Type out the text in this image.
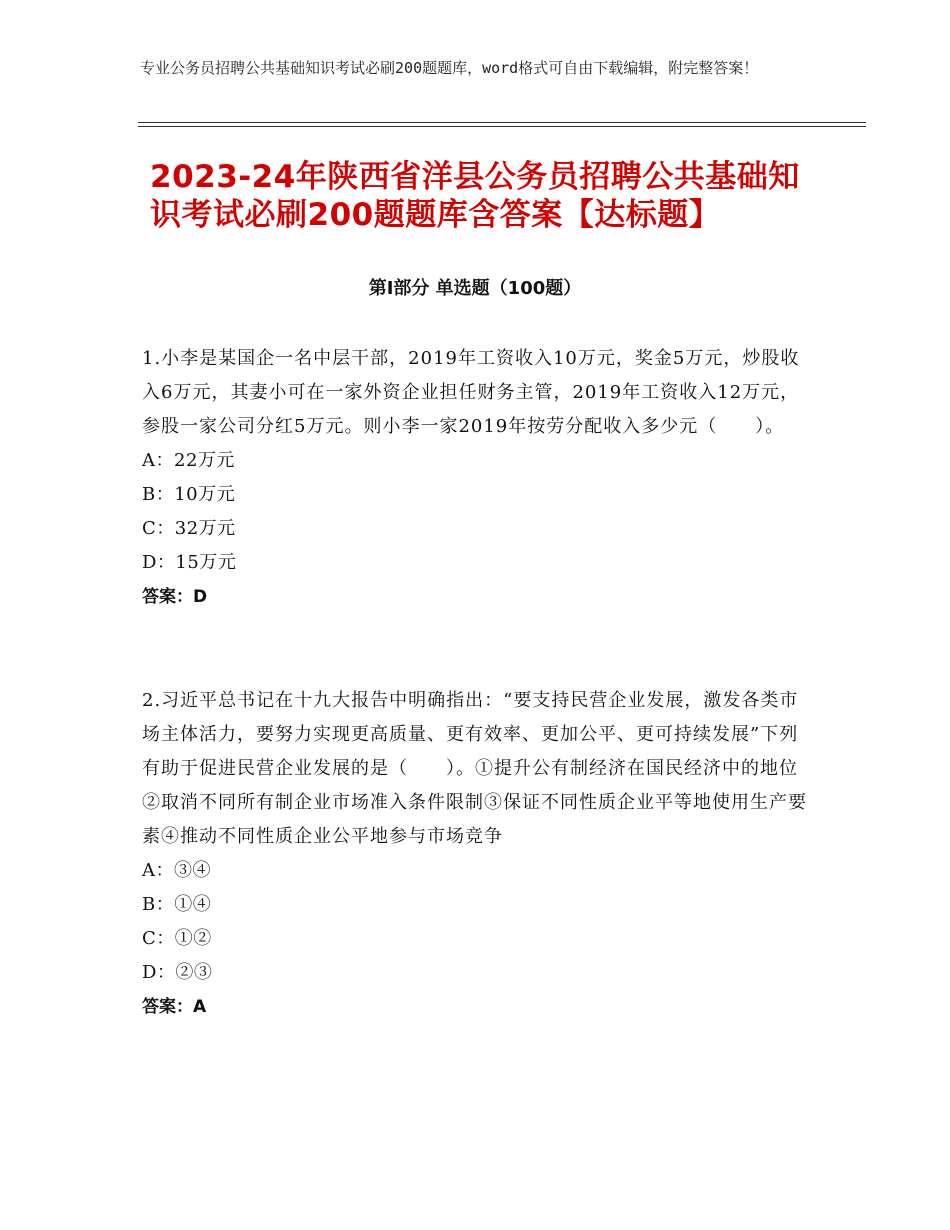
专业公务员招聘公共基础知识考试必刷200题题库，word格式可自由下载编辑，附完整答案！
2023-24年陕西省洋县公务员招聘公共基础知识考试必刷200题题库含答案【达标题】
第Ⅰ部分 单选题（100题）

1.小李是某国企一名中层干部，2019年工资收入10万元，奖金5万元，炒股收入6万元，其妻小可在一家外资企业担任财务主管，2019年工资收入12万元，参股一家公司分红5万元。则小李一家2019年按劳分配收入多少元（　　）。

A：22万元

B：10万元

C：32万元

D：15万元

答案：D

2.习近平总书记在十九大报告中明确指出：“要支持民营企业发展，激发各类市场主体活力，要努力实现更高质量、更有效率、更加公平、更可持续发展”下列有助于促进民营企业发展的是（　　）。①提升公有制经济在国民经济中的地位②取消不同所有制企业市场准入条件限制③保证不同性质企业平等地使用生产要素④推动不同性质企业公平地参与市场竞争

A：③④

B：①④

C：①②

D：②③

答案：A
